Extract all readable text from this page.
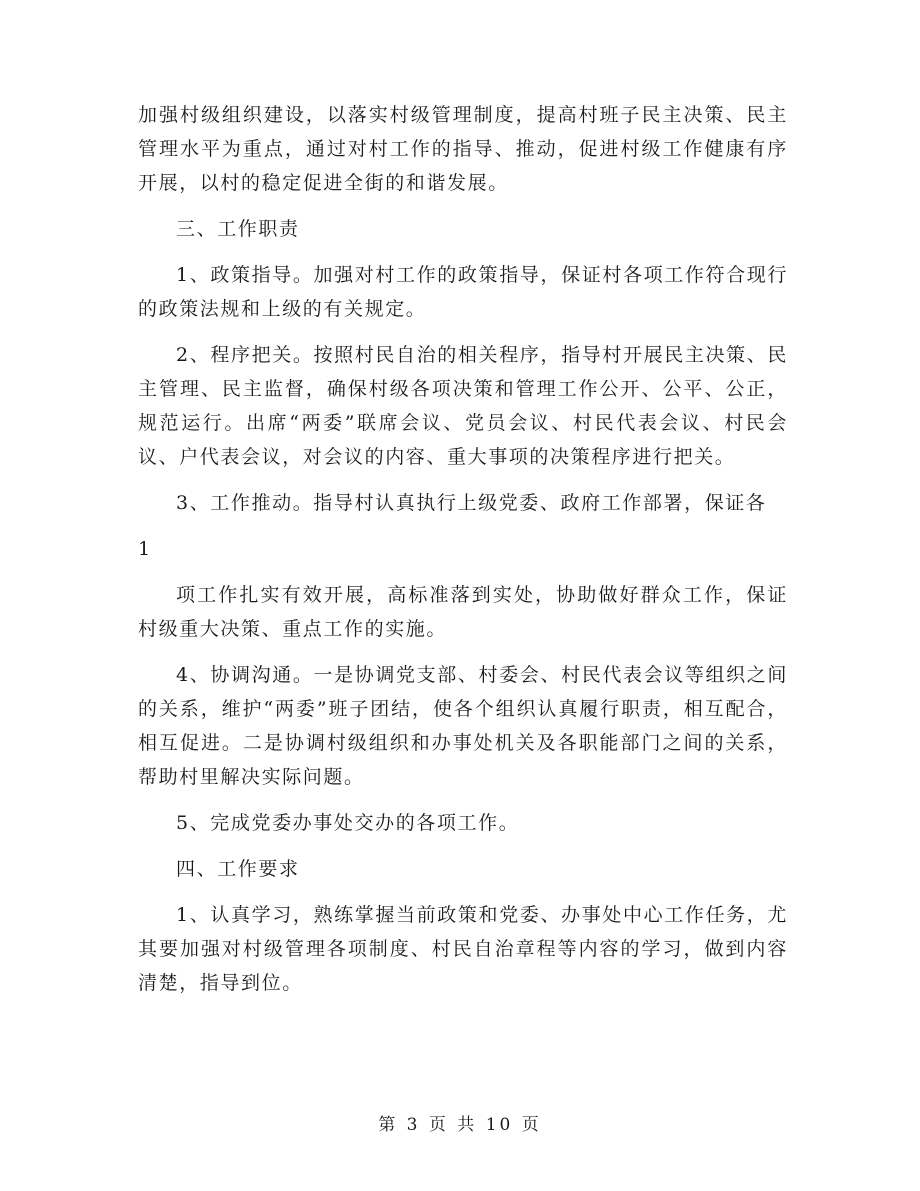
加强村级组织建设，以落实村级管理制度，提高村班子民主决策、民主管理水平为重点，通过对村工作的指导、推动，促进村级工作健康有序开展，以村的稳定促进全街的和谐发展。

三、工作职责

1、政策指导。加强对村工作的政策指导，保证村各项工作符合现行的政策法规和上级的有关规定。

2、程序把关。按照村民自治的相关程序，指导村开展民主决策、民主管理、民主监督，确保村级各项决策和管理工作公开、公平、公正，规范运行。出席“两委”联席会议、党员会议、村民代表会议、村民会议、户代表会议，对会议的内容、重大事项的决策程序进行把关。

3、工作推动。指导村认真执行上级党委、政府工作部署，保证各

1

项工作扎实有效开展，高标准落到实处，协助做好群众工作，保证村级重大决策、重点工作的实施。

4、协调沟通。一是协调党支部、村委会、村民代表会议等组织之间的关系，维护“两委”班子团结，使各个组织认真履行职责，相互配合，相互促进。二是协调村级组织和办事处机关及各职能部门之间的关系，帮助村里解决实际问题。

5、完成党委办事处交办的各项工作。

四、工作要求

1、认真学习，熟练掌握当前政策和党委、办事处中心工作任务，尤其要加强对村级管理各项制度、村民自治章程等内容的学习，做到内容清楚，指导到位。

第 3 页 共 10 页
